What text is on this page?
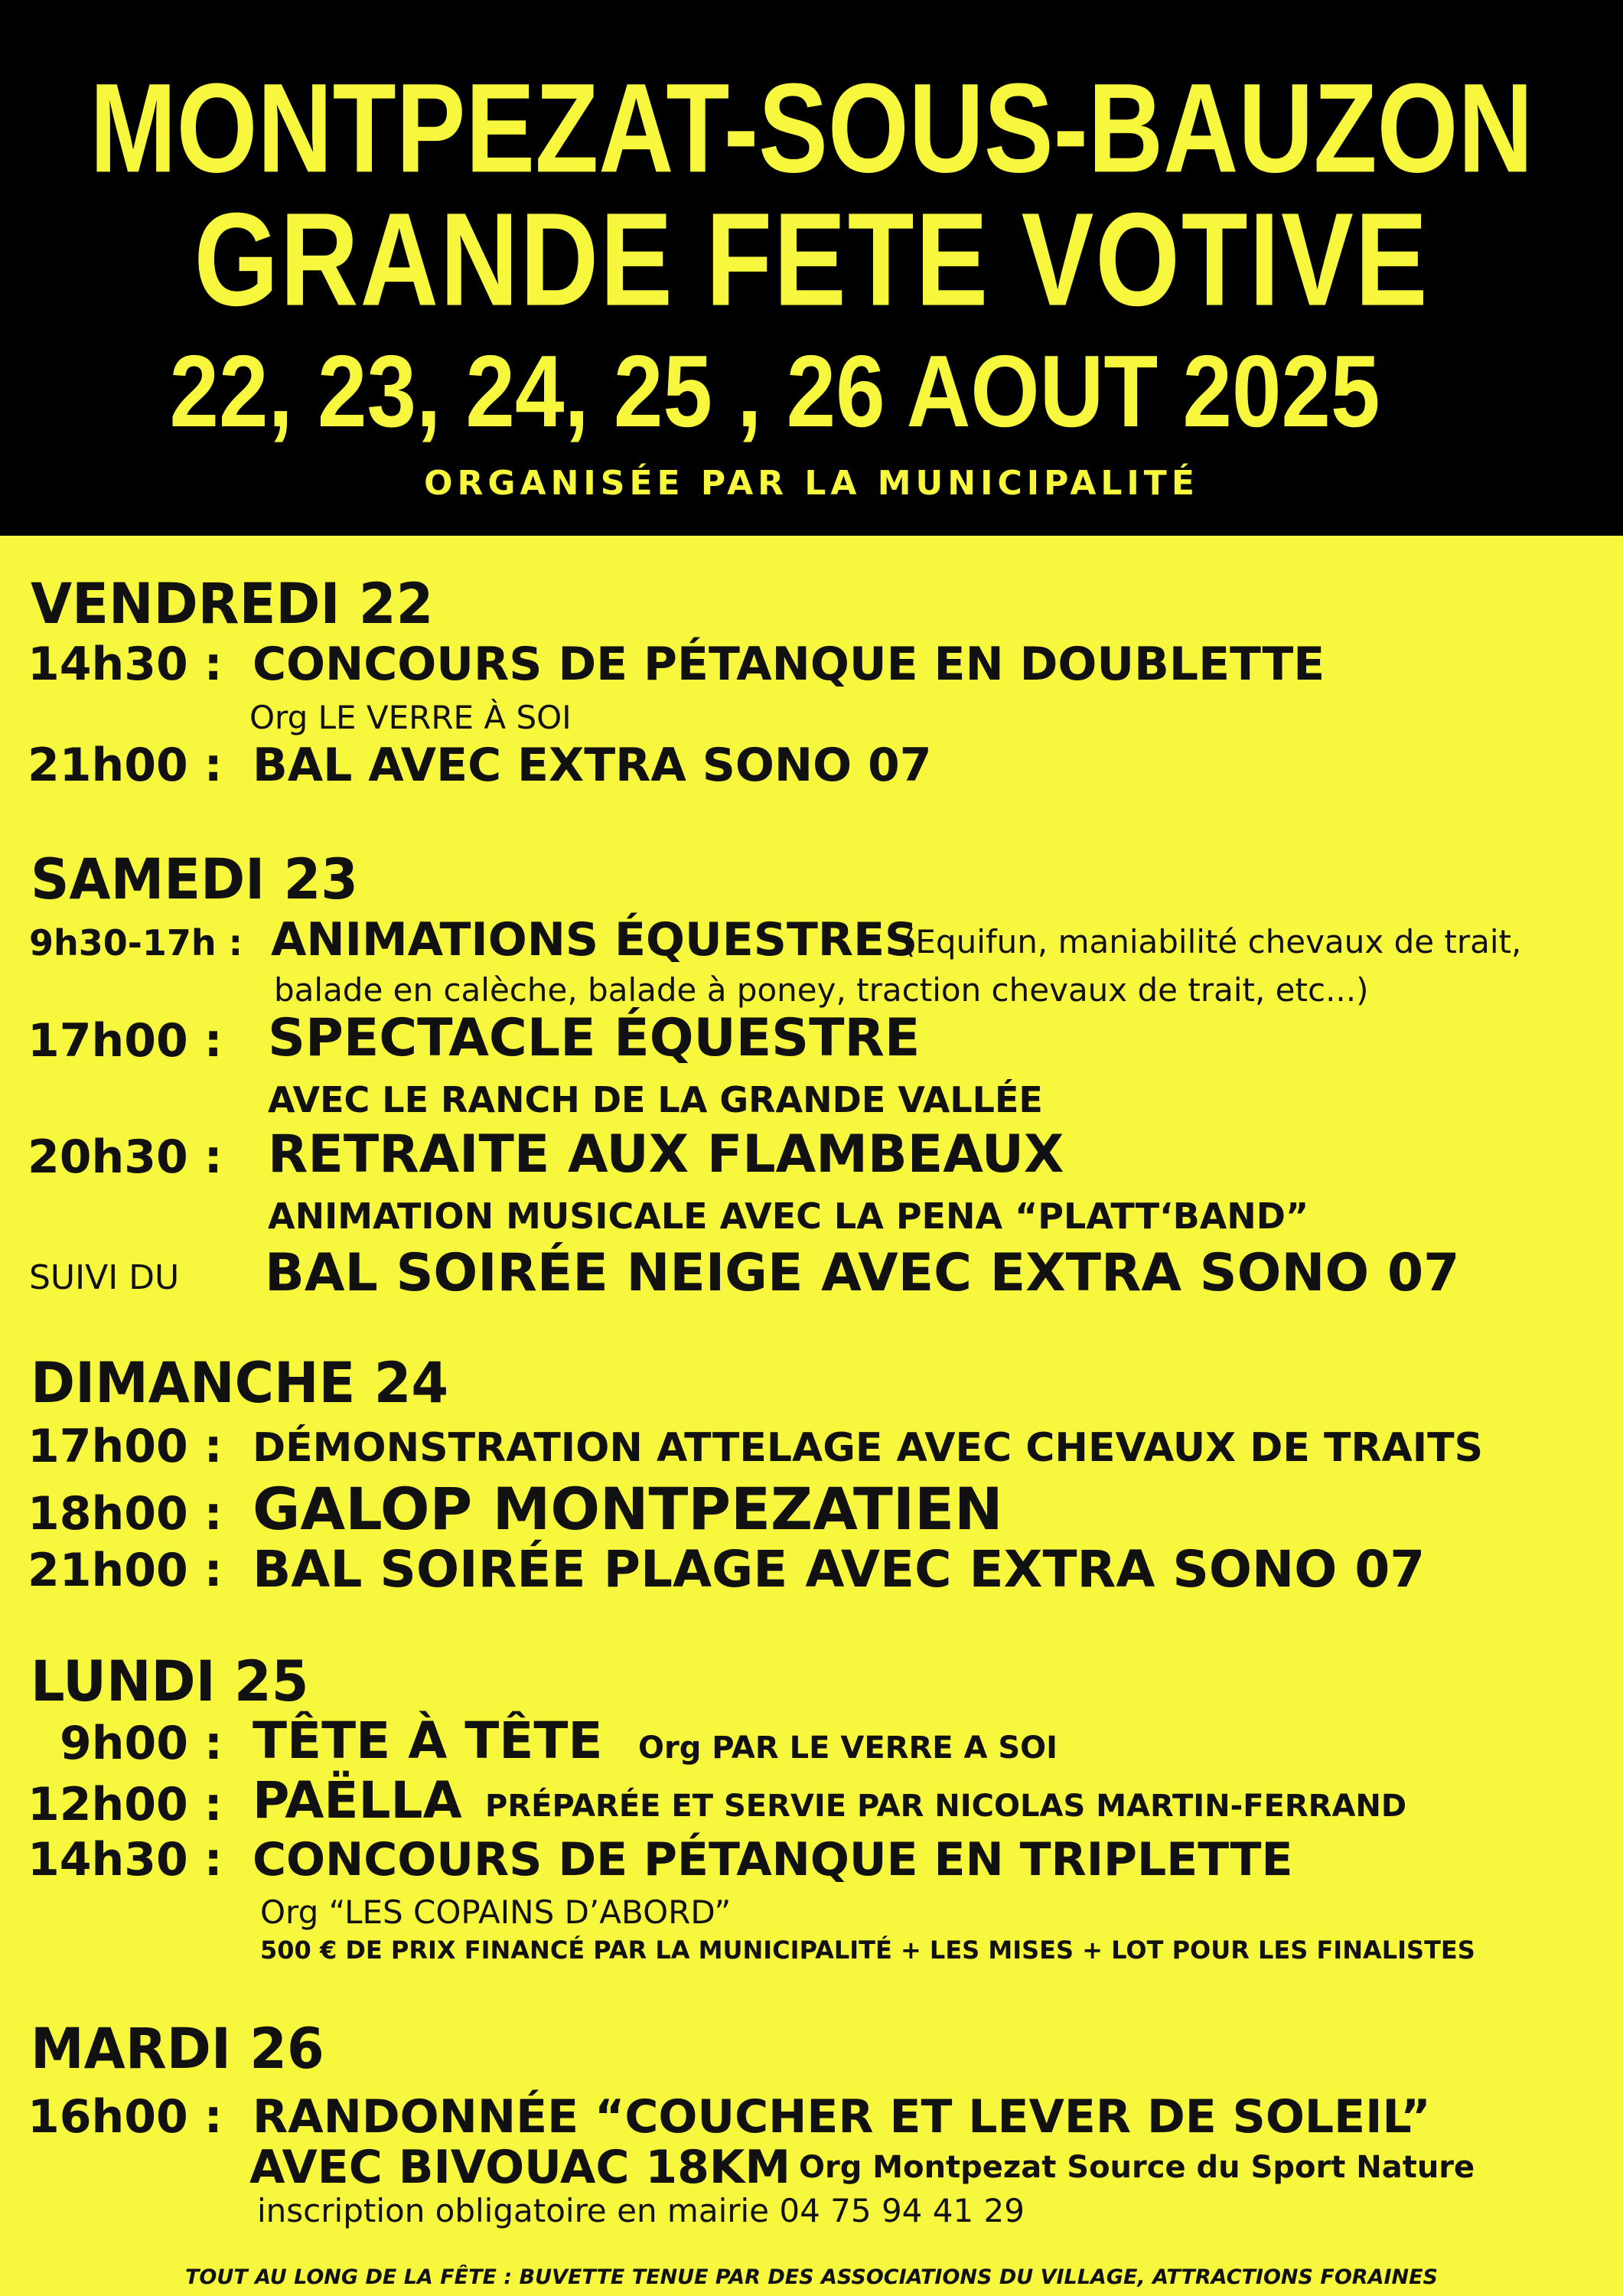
MONTPEZAT-SOUS-BAUZON
GRANDE FETE VOTIVE
22, 23, 24, 25 , 26 AOUT 2025
ORGANISÉE PAR LA MUNICIPALITÉ
VENDREDI 22
14h30 : CONCOURS DE PÉTANQUE EN DOUBLETTE
Org LE VERRE À SOI
21h00 : BAL AVEC EXTRA SONO 07
SAMEDI 23
9h30-17h : ANIMATIONS ÉQUESTRES
(Equifun, maniabilité chevaux de trait,
balade en calèche, balade à poney, traction chevaux de trait, etc...)
17h00 : SPECTACLE ÉQUESTRE
AVEC LE RANCH DE LA GRANDE VALLÉE
20h30 : RETRAITE AUX FLAMBEAUX
ANIMATION MUSICALE AVEC LA PENA “PLATT‘BAND”
SUIVI DU BAL SOIRÉE NEIGE AVEC EXTRA SONO 07
DIMANCHE 24
17h00 : DÉMONSTRATION ATTELAGE AVEC CHEVAUX DE TRAITS
18h00 : GALOP MONTPEZATIEN
21h00 : BAL SOIRÉE PLAGE AVEC EXTRA SONO 07
LUNDI 25
9h00 : TÊTE À TÊTE Org PAR LE VERRE A SOI
12h00 : PAËLLA PRÉPARÉE ET SERVIE PAR NICOLAS MARTIN-FERRAND
14h30 : CONCOURS DE PÉTANQUE EN TRIPLETTE
Org “LES COPAINS D’ABORD”
500 € DE PRIX FINANCÉ PAR LA MUNICIPALITÉ + LES MISES + LOT POUR LES FINALISTES
MARDI 26
16h00 : RANDONNÉE “COUCHER ET LEVER DE SOLEIL”
AVEC BIVOUAC 18KM Org Montpezat Source du Sport Nature
inscription obligatoire en mairie 04 75 94 41 29
TOUT AU LONG DE LA FÊTE : BUVETTE TENUE PAR DES ASSOCIATIONS DU VILLAGE, ATTRACTIONS FORAINES
